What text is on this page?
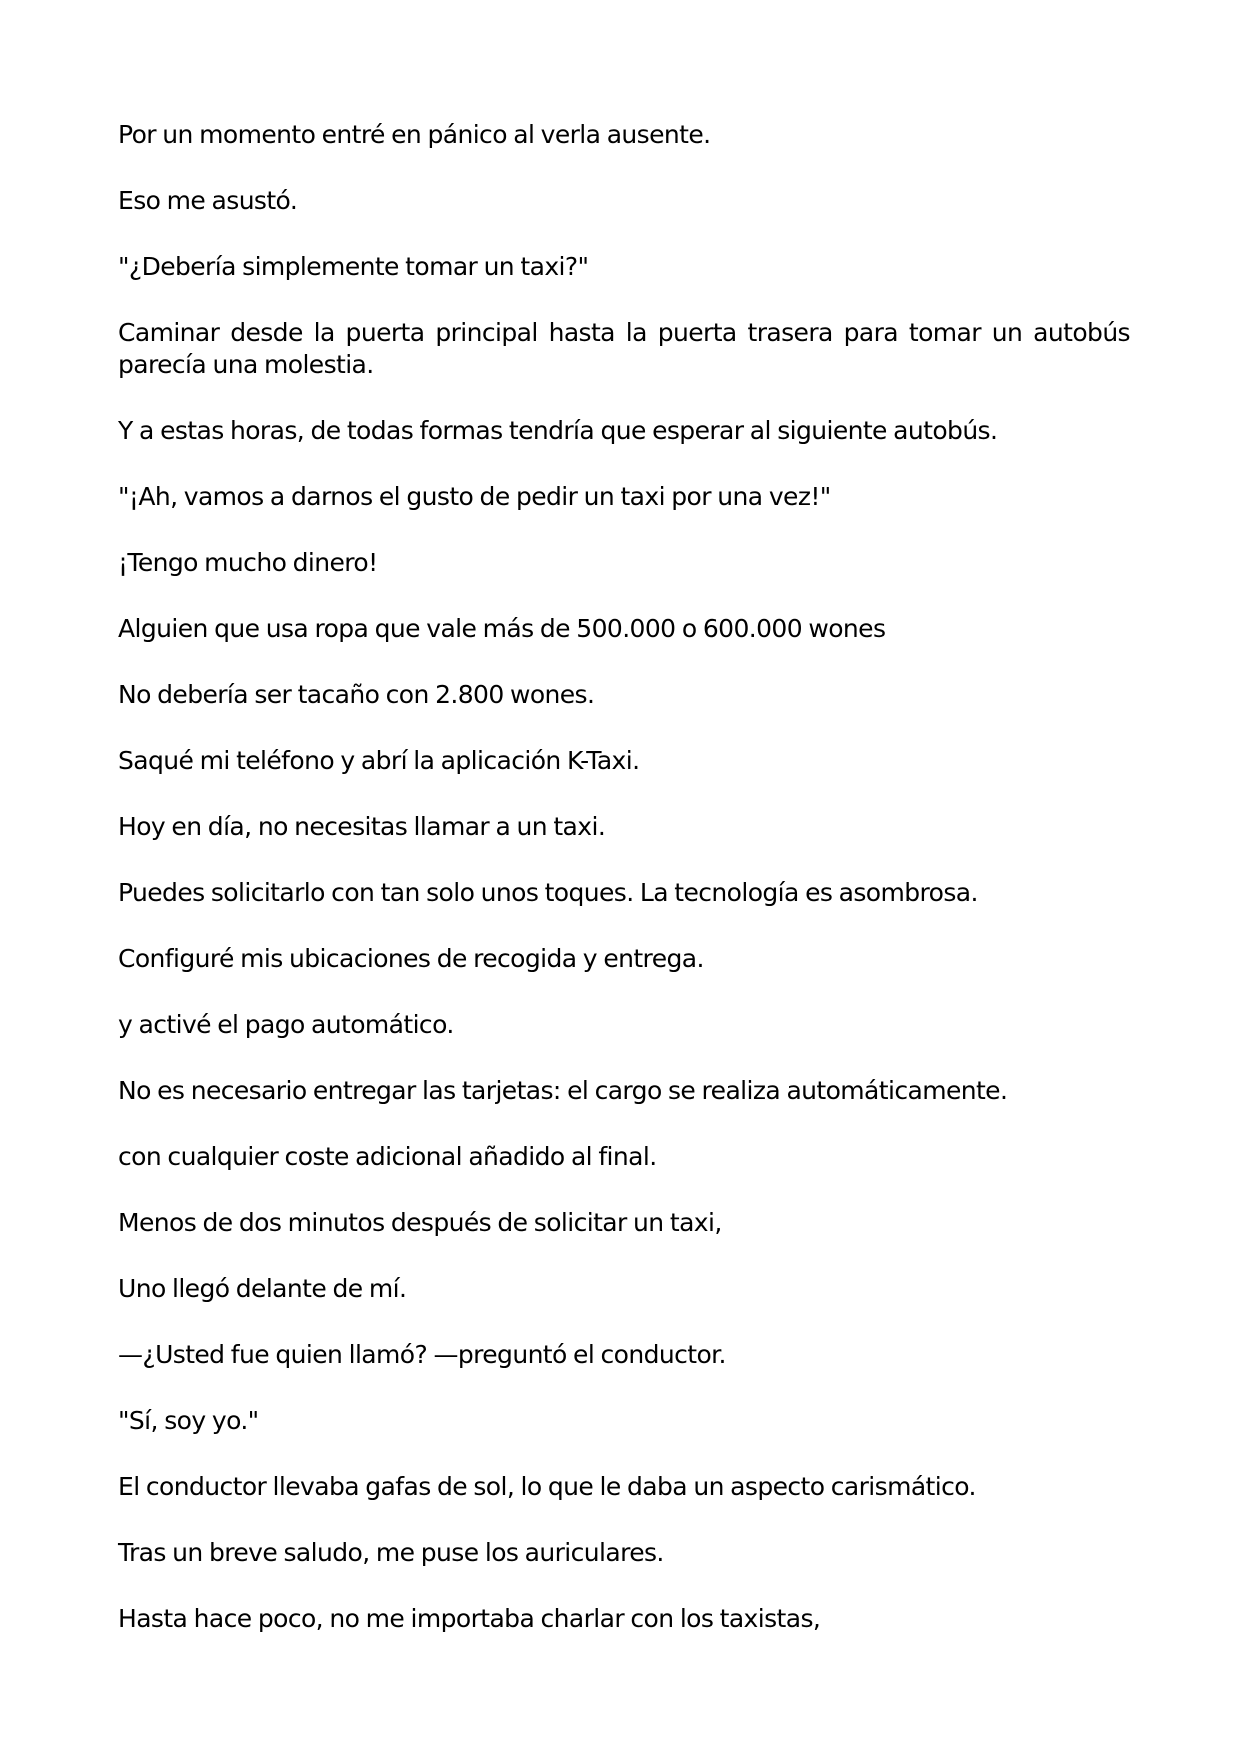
Por un momento entré en pánico al verla ausente.

Eso me asustó.

"¿Debería simplemente tomar un taxi?"

Caminar desde la puerta principal hasta la puerta trasera para tomar un autobús parecía una molestia.

Y a estas horas, de todas formas tendría que esperar al siguiente autobús.

"¡Ah, vamos a darnos el gusto de pedir un taxi por una vez!"

¡Tengo mucho dinero!

Alguien que usa ropa que vale más de 500.000 o 600.000 wones

No debería ser tacaño con 2.800 wones.

Saqué mi teléfono y abrí la aplicación K-Taxi.

Hoy en día, no necesitas llamar a un taxi.

Puedes solicitarlo con tan solo unos toques. La tecnología es asombrosa.

Configuré mis ubicaciones de recogida y entrega.

y activé el pago automático.

No es necesario entregar las tarjetas: el cargo se realiza automáticamente.

con cualquier coste adicional añadido al final.

Menos de dos minutos después de solicitar un taxi,

Uno llegó delante de mí.

—¿Usted fue quien llamó? —preguntó el conductor.

"Sí, soy yo."

El conductor llevaba gafas de sol, lo que le daba un aspecto carismático.

Tras un breve saludo, me puse los auriculares.

Hasta hace poco, no me importaba charlar con los taxistas,
